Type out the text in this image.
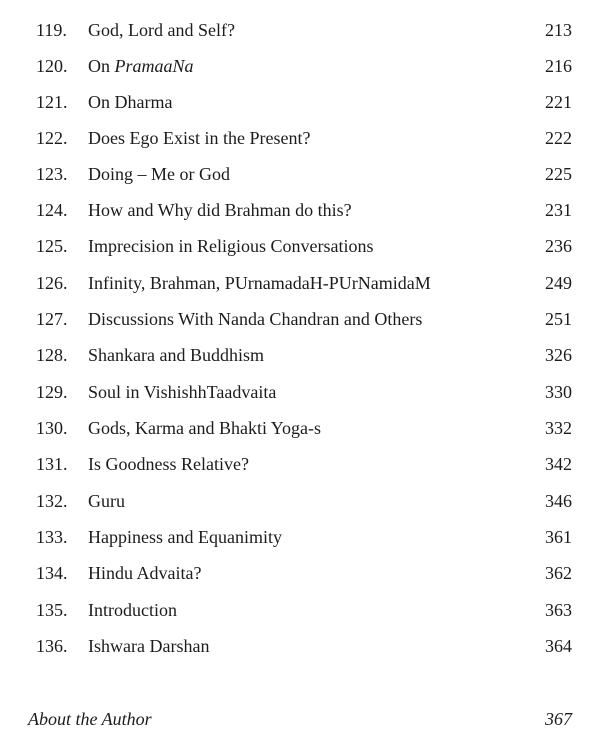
119. God, Lord and Self?	213
120. On PramaaNa	216
121. On Dharma	221
122. Does Ego Exist in the Present?	222
123. Doing – Me or God	225
124. How and Why did Brahman do this?	231
125. Imprecision in Religious Conversations	236
126. Infinity, Brahman, PUrnamadaH-PUrNamidaM	249
127. Discussions With Nanda Chandran and Others	251
128. Shankara and Buddhism	326
129. Soul in VishishhTaadvaita	330
130. Gods, Karma and Bhakti Yoga-s	332
131. Is Goodness Relative?	342
132. Guru	346
133. Happiness and Equanimity	361
134. Hindu Advaita?	362
135. Introduction	363
136. Ishwara Darshan	364
About the Author	367
